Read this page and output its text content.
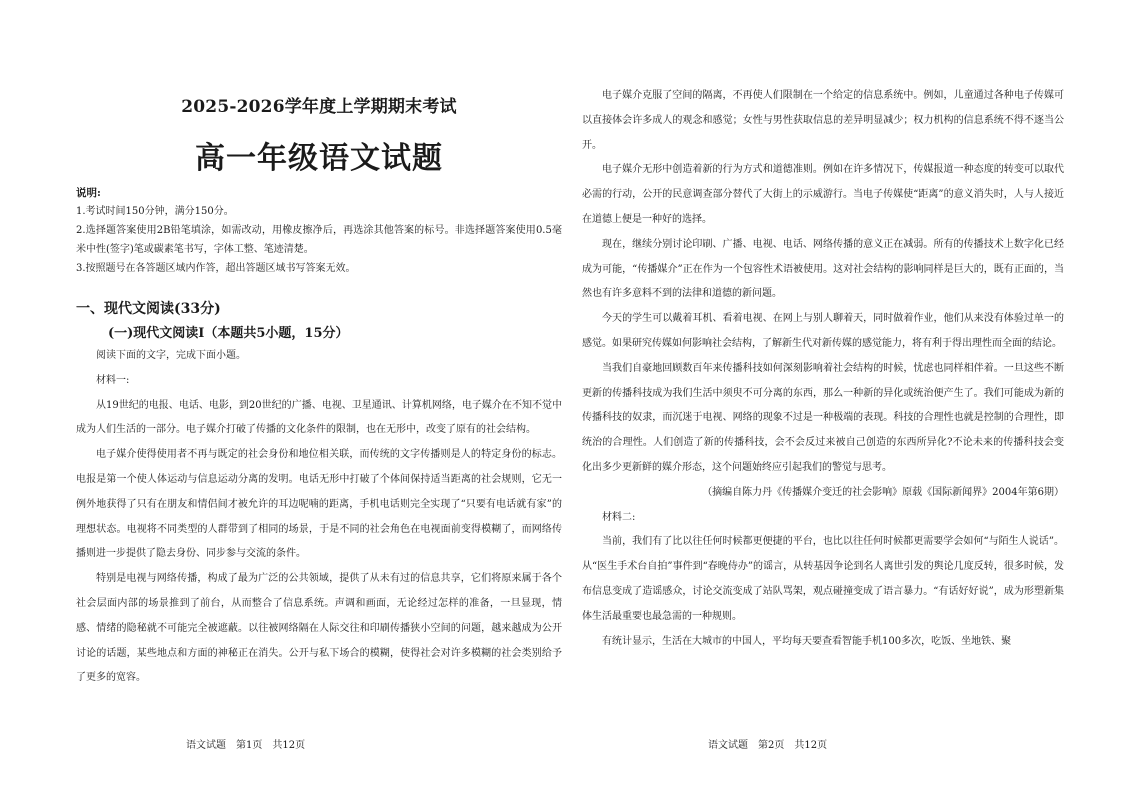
2025-2026学年度上学期期末考试
高一年级语文试题
说明:
1.考试时间150分钟，满分150分。
2.选择题答案使用2B铅笔填涂，如需改动，用橡皮擦净后，再选涂其他答案的标号。非选择题答案使用0.5毫米中性(签字)笔或碳素笔书写，字体工整、笔迹清楚。
3.按照题号在各答题区域内作答，超出答题区域书写答案无效。
一、现代文阅读(33分)
(一)现代文阅读Ⅰ（本题共5小题，15分）

阅读下面的文字，完成下面小题。

材料一:

从19世纪的电报、电话、电影，到20世纪的广播、电视、卫星通讯、计算机网络，电子媒介在不知不觉中成为人们生活的一部分。电子媒介打破了传播的文化条件的限制，也在无形中，改变了原有的社会结构。

电子媒介使得使用者不再与既定的社会身份和地位相关联，而传统的文字传播则是人的特定身份的标志。电报是第一个使人体运动与信息运动分离的发明。电话无形中打破了个体间保持适当距离的社会规则，它无一例外地获得了只有在朋友和情侣间才被允许的耳边呢喃的距离，手机电话则完全实现了“只要有电话就有家”的理想状态。电视将不同类型的人群带到了相同的场景，于是不同的社会角色在电视面前变得模糊了，而网络传播则进一步提供了隐去身份、同步参与交流的条件。

特别是电视与网络传播，构成了最为广泛的公共领域，提供了从未有过的信息共享，它们将原来属于各个社会层面内部的场景推到了前台，从而整合了信息系统。声调和画面，无论经过怎样的准备，一旦显现，情感、情绪的隐秘就不可能完全被遮蔽。以往被网络隔在人际交往和印刷传播狭小空间的问题，越来越成为公开讨论的话题，某些地点和方面的神秘正在消失。公开与私下场合的模糊，使得社会对许多模糊的社会类别给予了更多的宽容。

语文试题　第1页　共12页

电子媒介克服了空间的隔离，不再使人们限制在一个给定的信息系统中。例如，儿童通过各种电子传媒可以直接体会许多成人的观念和感觉；女性与男性获取信息的差异明显减少；权力机构的信息系统不得不逐当公开。

电子媒介无形中创造着新的行为方式和道德准则。例如在许多情况下，传媒报道一种态度的转变可以取代必需的行动，公开的民意调查部分替代了大街上的示威游行。当电子传媒使“距离”的意义消失时，人与人接近在道德上便是一种好的选择。

现在，继续分别讨论印刷、广播、电视、电话、网络传播的意义正在减弱。所有的传播技术上数字化已经成为可能，“传播媒介”正在作为一个包容性术语被使用。这对社会结构的影响同样是巨大的，既有正面的，当然也有许多意料不到的法律和道德的新问题。

今天的学生可以戴着耳机、看着电视、在网上与别人聊着天，同时做着作业，他们从来没有体验过单一的感觉。如果研究传媒如何影响社会结构，了解新生代对新传媒的感觉能力，将有利于得出理性而全面的结论。

当我们自豪地回顾数百年来传播科技如何深刻影响着社会结构的时候，忧虑也同样相伴着。一旦这些不断更新的传播科技成为我们生活中须臾不可分离的东西，那么一种新的异化或统治便产生了。我们可能成为新的传播科技的奴隶，而沉迷于电视、网络的现象不过是一种极端的表现。科技的合理性也就是控制的合理性，即统治的合理性。人们创造了新的传播科技，会不会反过来被自己创造的东西所异化?不论未来的传播科技会变化出多少更新鲜的媒介形态，这个问题始终应引起我们的警觉与思考。

（摘编自陈力丹《传播媒介变迁的社会影响》原载《国际新闻界》2004年第6期）

材料二:

当前，我们有了比以往任何时候都更便捷的平台，也比以往任何时候都更需要学会如何“与陌生人说话”。从“医生手术台自拍”事件到“春晚侍办”的谣言，从转基因争论到名人离世引发的舆论几度反转，很多时候，发布信息变成了造谣感众，讨论交流变成了站队骂架，观点碰撞变成了语言暴力。“有话好好说”，成为形塑新集体生活最重要也最急需的一种规则。

有统计显示，生活在大城市的中国人，平均每天要查看智能手机100多次，吃饭、坐地铁、聚

语文试题　第2页　共12页
